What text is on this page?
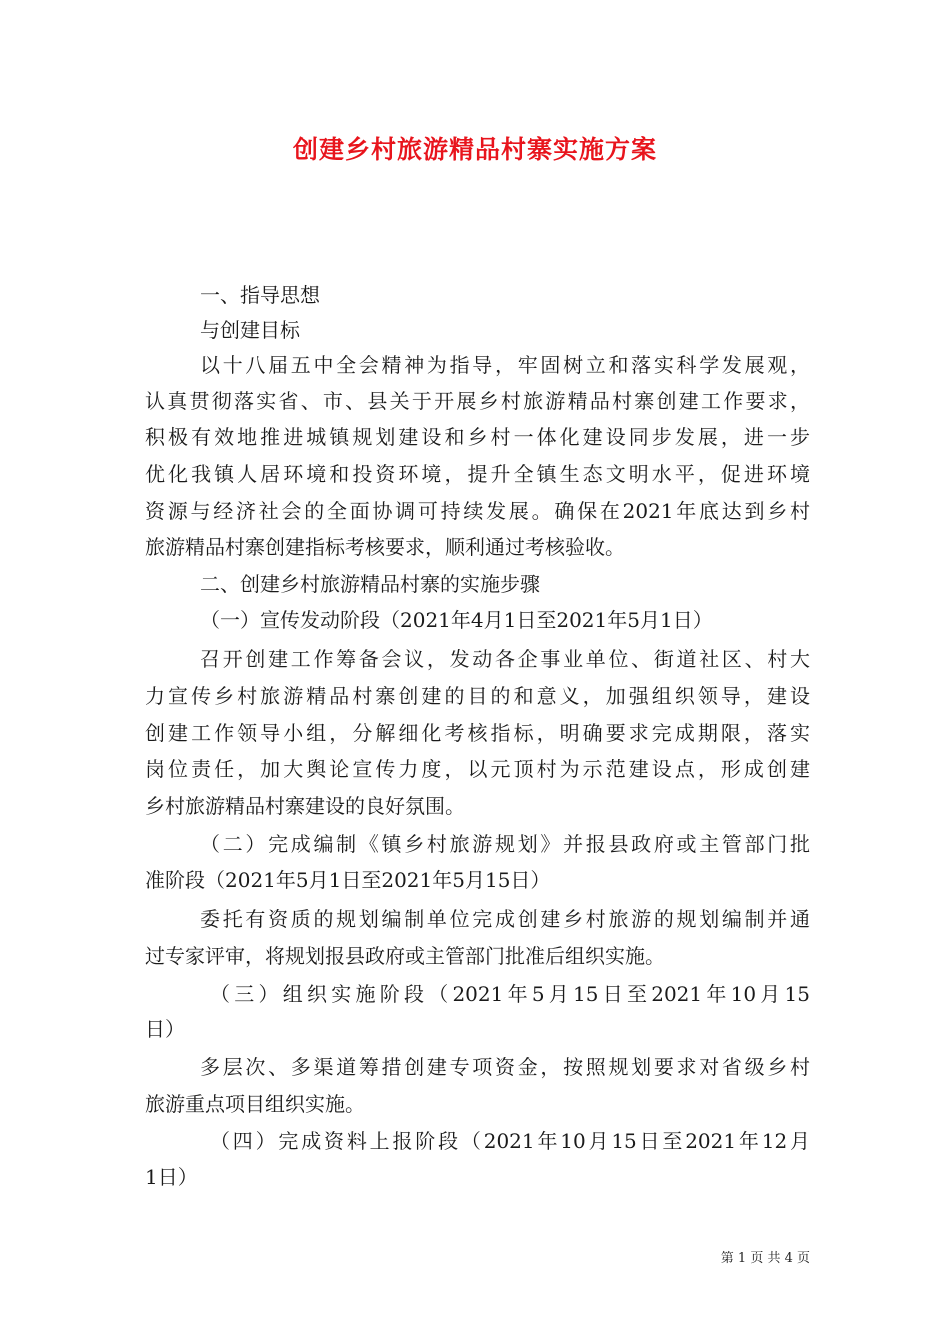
创建乡村旅游精品村寨实施方案
一、指导思想
与创建目标
以十八届五中全会精神为指导，牢固树立和落实科学发展观，
认真贯彻落实省、市、县关于开展乡村旅游精品村寨创建工作要求，
积极有效地推进城镇规划建设和乡村一体化建设同步发展，进一步
优化我镇人居环境和投资环境，提升全镇生态文明水平，促进环境
资源与经济社会的全面协调可持续发展。确保在2021年底达到乡村
旅游精品村寨创建指标考核要求，顺利通过考核验收。
二、创建乡村旅游精品村寨的实施步骤
（一）宣传发动阶段（2021年4月1日至2021年5月1日）
召开创建工作筹备会议，发动各企事业单位、街道社区、村大
力宣传乡村旅游精品村寨创建的目的和意义，加强组织领导，建设
创建工作领导小组，分解细化考核指标，明确要求完成期限，落实
岗位责任，加大舆论宣传力度，以元顶村为示范建设点，形成创建
乡村旅游精品村寨建设的良好氛围。
（二）完成编制《镇乡村旅游规划》并报县政府或主管部门批
准阶段（2021年5月1日至2021年5月15日）
委托有资质的规划编制单位完成创建乡村旅游的规划编制并通
过专家评审，将规划报县政府或主管部门批准后组织实施。
（三）组织实施阶段（2021年5月15日至2021年10月15
日）
多层次、多渠道筹措创建专项资金，按照规划要求对省级乡村
旅游重点项目组织实施。
（四）完成资料上报阶段（2021年10月15日至2021年12月
1日）
第 1 页 共 4 页
